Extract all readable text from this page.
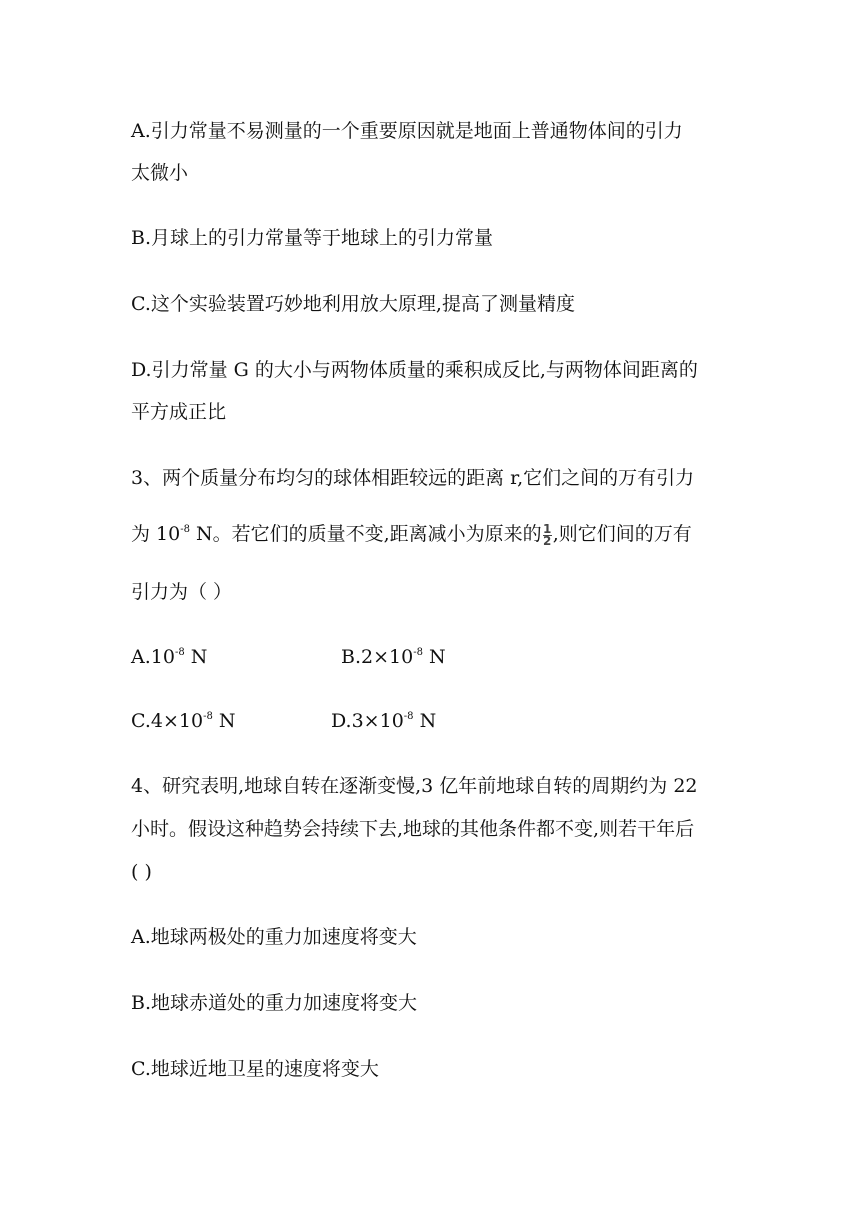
A.引力常量不易测量的一个重要原因就是地面上普通物体间的引力
太微小
B.月球上的引力常量等于地球上的引力常量
C.这个实验装置巧妙地利用放大原理,提高了测量精度
D.引力常量 G 的大小与两物体质量的乘积成反比,与两物体间距离的
平方成正比
3、两个质量分布均匀的球体相距较远的距离 r,它们之间的万有引力
为 $10^{-8}$ N。若它们的质量不变,距离减小为原来的 $\frac{1}{2}$ ,则它们间的万有
引力为（ ）
$A.10^{-8}$ N	$B.2\times 10^{-8}$ N
$C.4\times 10^{-8}$ N	$D.3\times 10^{-8}$ N
4、研究表明,地球自转在逐渐变慢,3 亿年前地球自转的周期约为 22
小时。假设这种趋势会持续下去,地球的其他条件都不变,则若干年后
( )
A.地球两极处的重力加速度将变大
B.地球赤道处的重力加速度将变大
C.地球近地卫星的速度将变大
